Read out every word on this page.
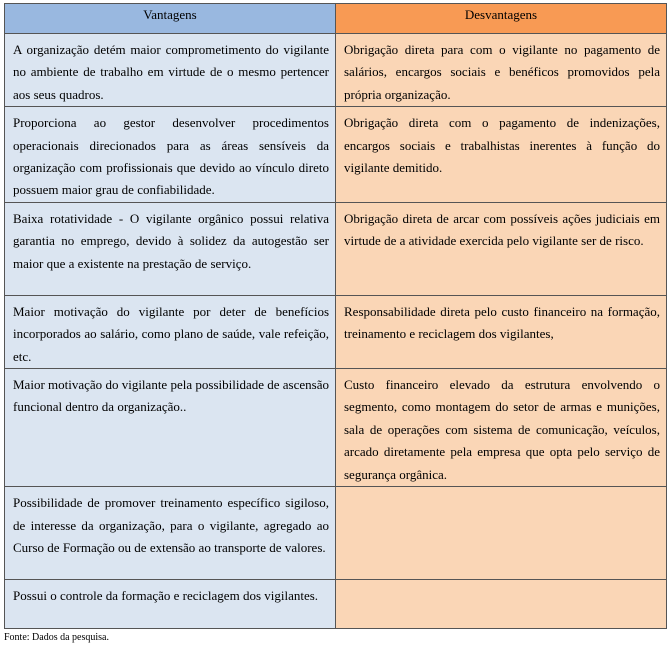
Vantagens	Desvantagens

A organização detém maior comprometimento do vigilante no ambiente de trabalho em virtude de o mesmo pertencer aos seus quadros.	Obrigação direta para com o vigilante no pagamento de salários, encargos sociais e benéficos promovidos pela própria organização.

Proporciona ao gestor desenvolver procedimentos operacionais direcionados para as áreas sensíveis da organização com profissionais que devido ao vínculo direto possuem maior grau de confiabilidade.	Obrigação direta com o pagamento de indenizações, encargos sociais e trabalhistas inerentes à função do vigilante demitido.

Baixa rotatividade - O vigilante orgânico possui relativa garantia no emprego, devido à solidez da autogestão ser maior que a existente na prestação de serviço.	Obrigação direta de arcar com possíveis ações judiciais em virtude de a atividade exercida pelo vigilante ser de risco.

Maior motivação do vigilante por deter de benefícios incorporados ao salário, como plano de saúde, vale refeição, etc.	Responsabilidade direta pelo custo financeiro na formação, treinamento e reciclagem dos vigilantes,

Maior motivação do vigilante pela possibilidade de ascensão funcional dentro da organização..	Custo financeiro elevado da estrutura envolvendo o segmento, como montagem do setor de armas e munições, sala de operações com sistema de comunicação, veículos, arcado diretamente pela empresa que opta pelo serviço de segurança orgânica.

Possibilidade de promover treinamento específico sigiloso, de interesse da organização, para o vigilante, agregado ao Curso de Formação ou de extensão ao transporte de valores.	

Possui o controle da formação e reciclagem dos vigilantes.	

Fonte: Dados da pesquisa.
